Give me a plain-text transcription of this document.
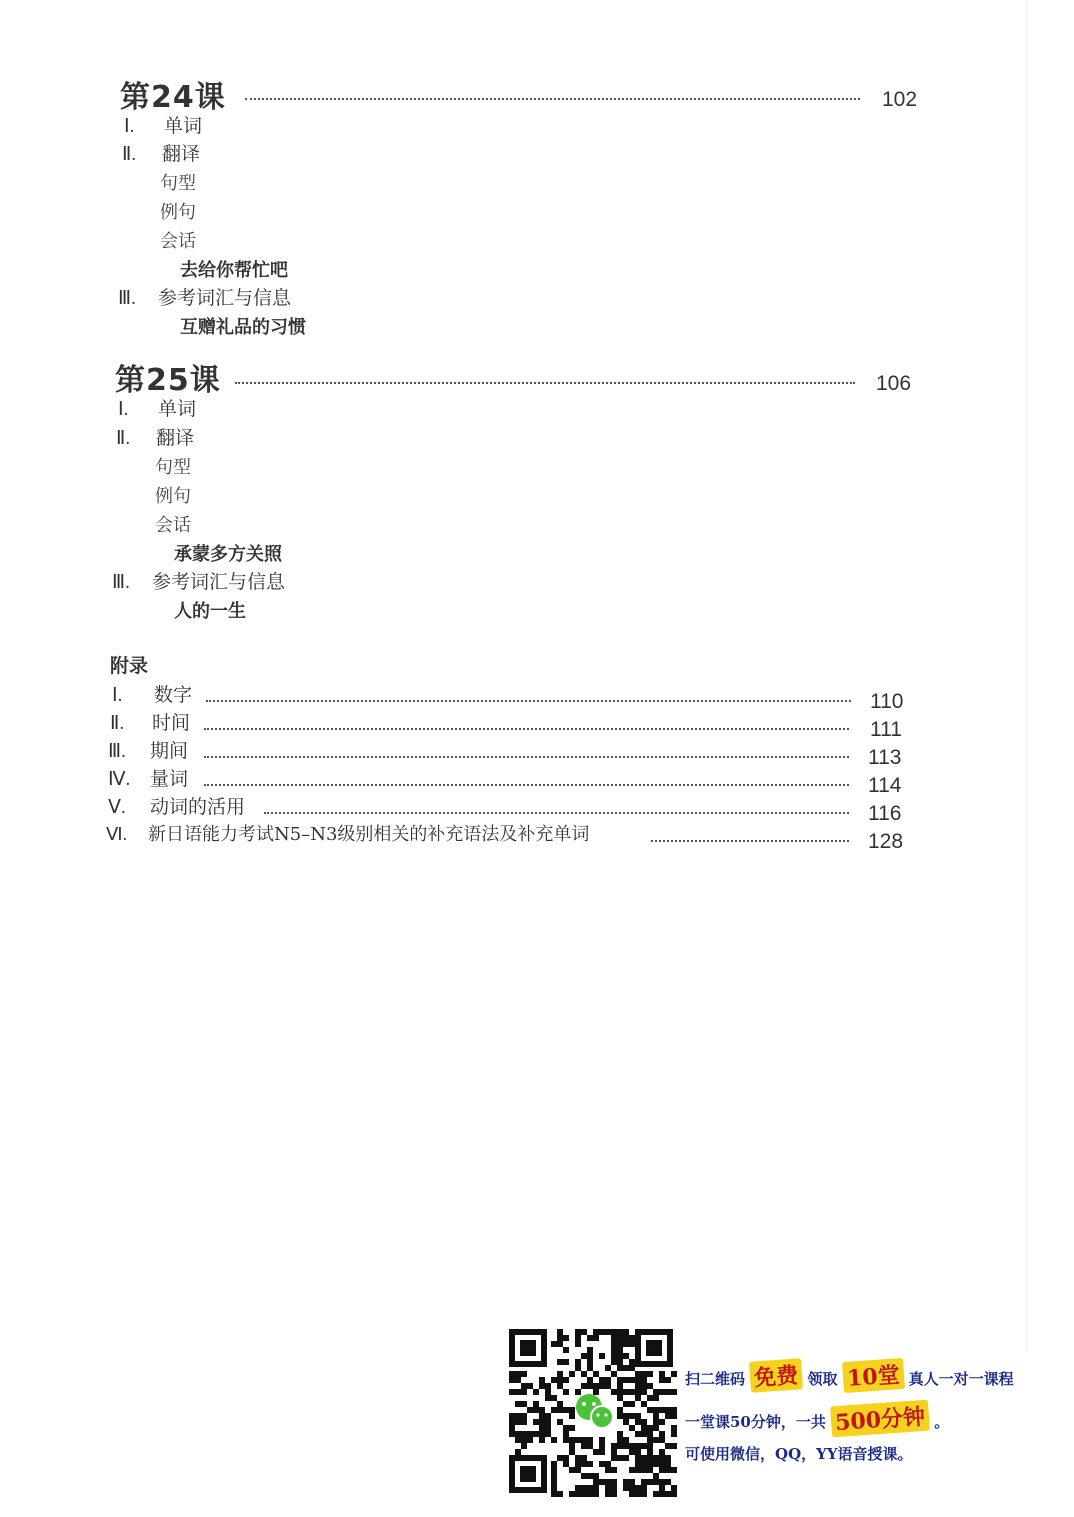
第24课	102
Ⅰ. 单词
Ⅱ. 翻译
句型
例句
会话
去给你帮忙吧
Ⅲ. 参考词汇与信息
互赠礼品的习惯
第25课	106
Ⅰ. 单词
Ⅱ. 翻译
句型
例句
会话
承蒙多方关照
Ⅲ. 参考词汇与信息
人的一生
附录
Ⅰ. 数字	110
Ⅱ. 时间	111
Ⅲ. 期间	113
Ⅳ. 量词	114
Ⅴ. 动词的活用	116
Ⅵ. 新日语能力考试N5–N3级别相关的补充语法及补充单词	128
扫二维码 免费 领取 10堂 真人一对一课程
一堂课50分钟，一共 500分钟 。
可使用微信，QQ，YY语音授课。
